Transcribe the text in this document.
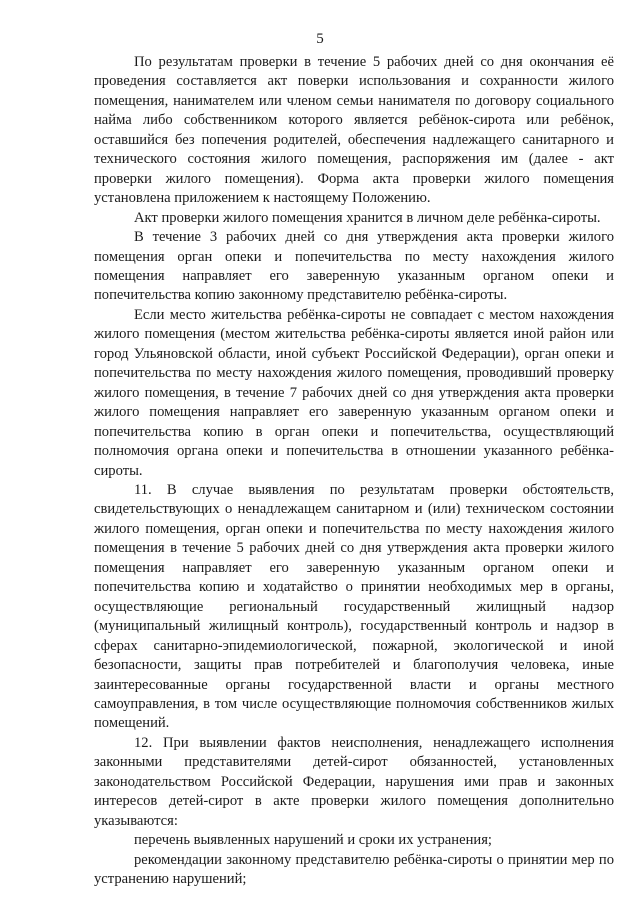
5

По результатам проверки в течение 5 рабочих дней со дня окончания её проведения составляется акт поверки использования и сохранности жилого помещения, нанимателем или членом семьи нанимателя по договору социального найма либо собственником которого является ребёнок-сирота или ребёнок, оставшийся без попечения родителей, обеспечения надлежащего санитарного и технического состояния жилого помещения, распоряжения им (далее - акт проверки жилого помещения). Форма акта проверки жилого помещения установлена приложением к настоящему Положению.

Акт проверки жилого помещения хранится в личном деле ребёнка-сироты.

В течение 3 рабочих дней со дня утверждения акта проверки жилого помещения орган опеки и попечительства по месту нахождения жилого помещения направляет его заверенную указанным органом опеки и попечительства копию законному представителю ребёнка-сироты.

Если место жительства ребёнка-сироты не совпадает с местом нахождения жилого помещения (местом жительства ребёнка-сироты является иной район или город Ульяновской области, иной субъект Российской Федерации), орган опеки и попечительства по месту нахождения жилого помещения, проводивший проверку жилого помещения, в течение 7 рабочих дней со дня утверждения акта проверки жилого помещения направляет его заверенную указанным органом опеки и попечительства копию в орган опеки и попечительства, осуществляющий полномочия органа опеки и попечительства в отношении указанного ребёнка-сироты.

11. В случае выявления по результатам проверки обстоятельств, свидетельствующих о ненадлежащем санитарном и (или) техническом состоянии жилого помещения, орган опеки и попечительства по месту нахождения жилого помещения в течение 5 рабочих дней со дня утверждения акта проверки жилого помещения направляет его заверенную указанным органом опеки и попечительства копию и ходатайство о принятии необходимых мер в органы, осуществляющие региональный государственный жилищный надзор (муниципальный жилищный контроль), государственный контроль и надзор в сферах санитарно-эпидемиологической, пожарной, экологической и иной безопасности, защиты прав потребителей и благополучия человека, иные заинтересованные органы государственной власти и органы местного самоуправления, в том числе осуществляющие полномочия собственников жилых помещений.

12. При выявлении фактов неисполнения, ненадлежащего исполнения законными представителями детей-сирот обязанностей, установленных законодательством Российской Федерации, нарушения ими прав и законных интересов детей-сирот в акте проверки жилого помещения дополнительно указываются:

перечень выявленных нарушений и сроки их устранения;

рекомендации законному представителю ребёнка-сироты о принятии мер по устранению нарушений;
